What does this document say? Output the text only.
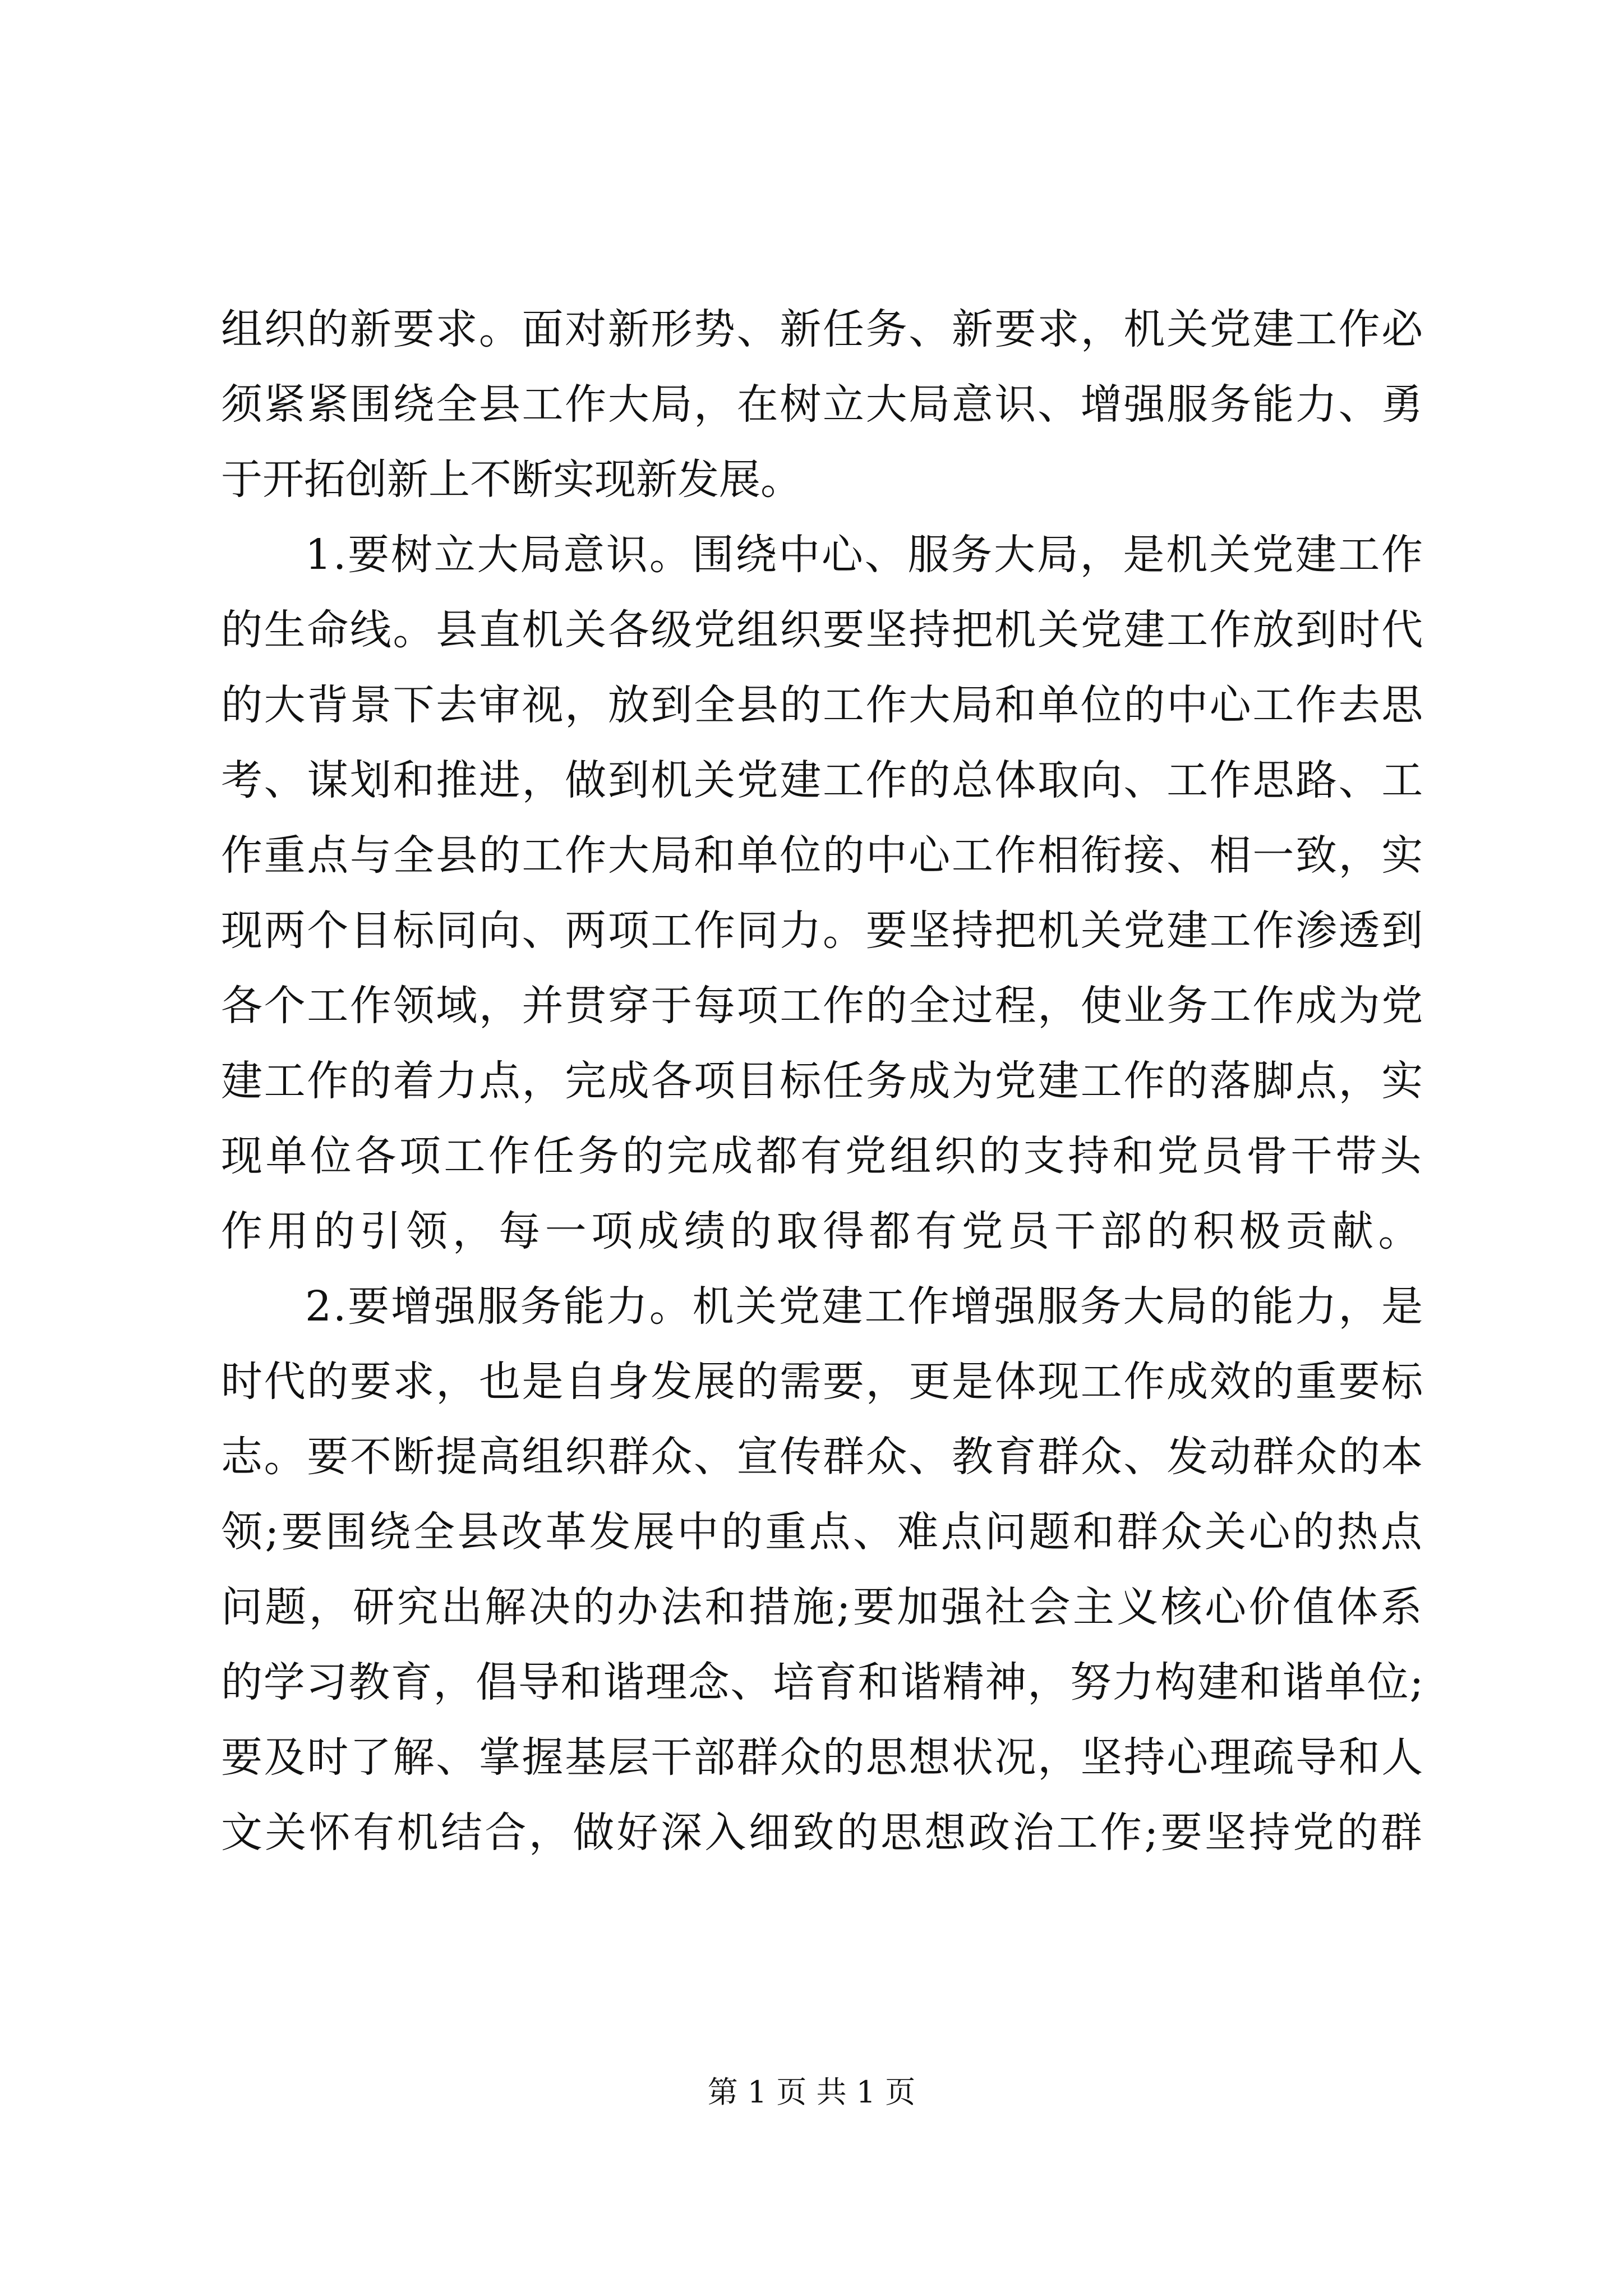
组织的新要求。面对新形势、新任务、新要求，机关党建工作必
须紧紧围绕全县工作大局，在树立大局意识、增强服务能力、勇
于开拓创新上不断实现新发展。
1.要树立大局意识。围绕中心、服务大局，是机关党建工作
的生命线。县直机关各级党组织要坚持把机关党建工作放到时代
的大背景下去审视，放到全县的工作大局和单位的中心工作去思
考、谋划和推进，做到机关党建工作的总体取向、工作思路、工
作重点与全县的工作大局和单位的中心工作相衔接、相一致，实
现两个目标同向、两项工作同力。要坚持把机关党建工作渗透到
各个工作领域，并贯穿于每项工作的全过程，使业务工作成为党
建工作的着力点，完成各项目标任务成为党建工作的落脚点，实
现单位各项工作任务的完成都有党组织的支持和党员骨干带头
作用的引领，每一项成绩的取得都有党员干部的积极贡献。
2.要增强服务能力。机关党建工作增强服务大局的能力，是
时代的要求，也是自身发展的需要，更是体现工作成效的重要标
志。要不断提高组织群众、宣传群众、教育群众、发动群众的本
领;要围绕全县改革发展中的重点、难点问题和群众关心的热点
问题，研究出解决的办法和措施;要加强社会主义核心价值体系
的学习教育，倡导和谐理念、培育和谐精神，努力构建和谐单位;
要及时了解、掌握基层干部群众的思想状况，坚持心理疏导和人
文关怀有机结合，做好深入细致的思想政治工作;要坚持党的群
第 1 页 共 1 页
